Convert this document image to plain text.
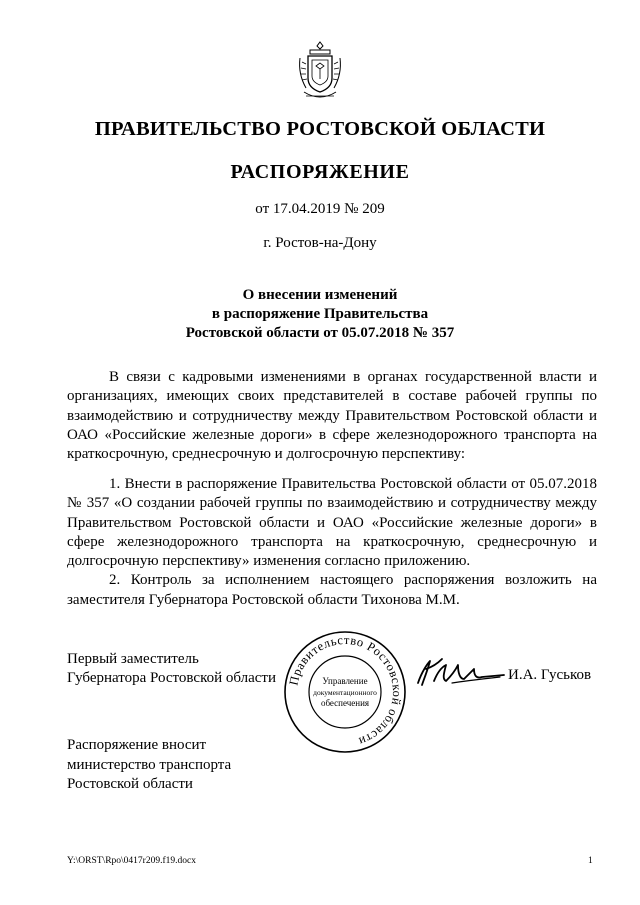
ПРАВИТЕЛЬСТВО РОСТОВСКОЙ ОБЛАСТИ
РАСПОРЯЖЕНИЕ
от 17.04.2019 № 209
г. Ростов-на-Дону
О внесении изменений
в распоряжение Правительства
Ростовской области от 05.07.2018 № 357

В связи с кадровыми изменениями в органах государственной власти и организациях, имеющих своих представителей в составе рабочей группы по взаимодействию и сотрудничеству между Правительством Ростовской области и ОАО «Российские железные дороги» в сфере железнодорожного транспорта на краткосрочную, среднесрочную и долгосрочную перспективу:

1. Внести в распоряжение Правительства Ростовской области от 05.07.2018 № 357 «О создании рабочей группы по взаимодействию и сотрудничеству между Правительством Ростовской области и ОАО «Российские железные дороги» в сфере железнодорожного транспорта на краткосрочную, среднесрочную и долгосрочную перспективу» изменения согласно приложению.

2. Контроль за исполнением настоящего распоряжения возложить на заместителя Губернатора Ростовской области Тихонова М.М.

Правительство Ростовской области
Управление
документационного
обеспечения
Первый заместитель
Губернатора Ростовской области	И.А. Гуськов
Распоряжение вносит
министерство транспорта
Ростовской области
Y:\ORST\Rpo\0417r209.f19.docx	1
